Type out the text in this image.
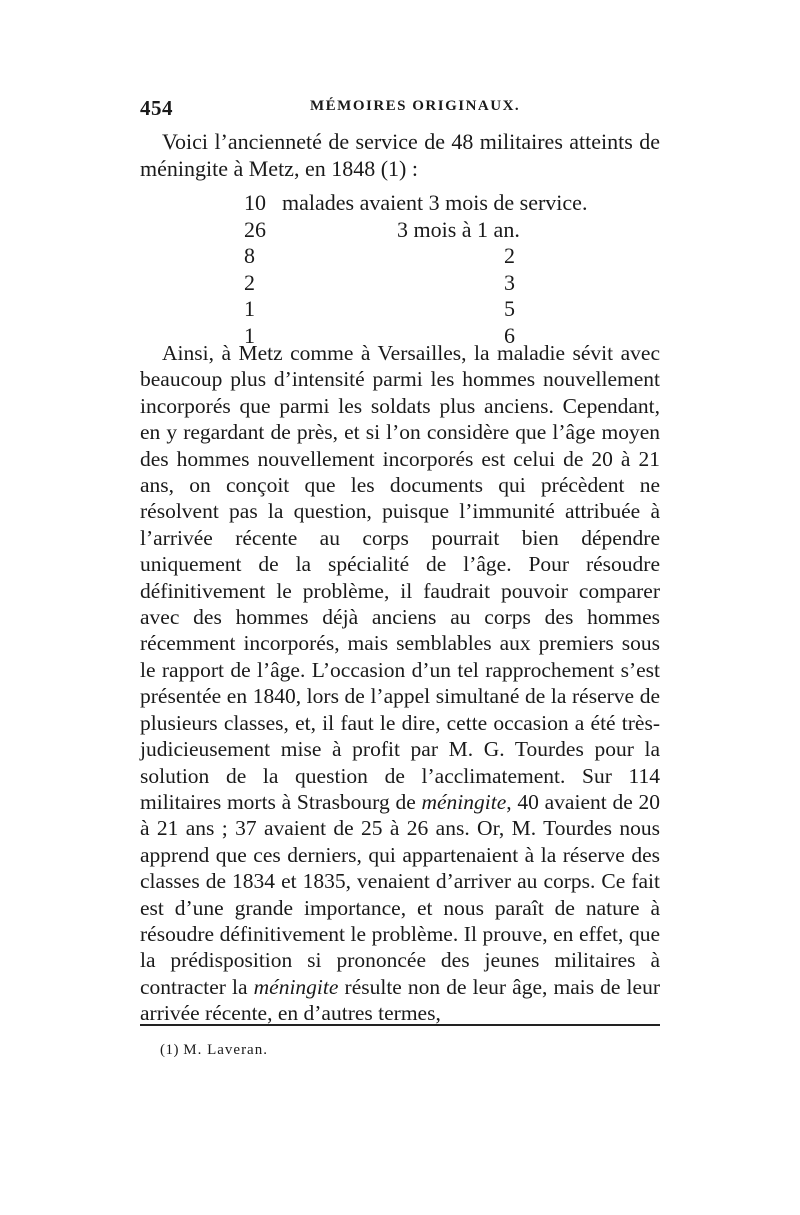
454	MÉMOIRES ORIGINAUX.

Voici l’ancienneté de service de 48 militaires atteints de méningite à Metz, en 1848 (1) :

10 malades avaient 3 mois de service.
26	3 mois à 1 an.
8	2
2	3
1	5
1	6

Ainsi, à Metz comme à Versailles, la maladie sévit avec beaucoup plus d’intensité parmi les hommes nouvellement incorporés que parmi les soldats plus anciens. Cependant, en y regardant de près, et si l’on considère que l’âge moyen des hommes nouvellement incorporés est celui de 20 à 21 ans, on conçoit que les documents qui précèdent ne résolvent pas la question, puisque l’immunité attribuée à l’arrivée récente au corps pourrait bien dépendre uniquement de la spécialité de l’âge. Pour résoudre définitivement le problème, il faudrait pouvoir comparer avec des hommes déjà anciens au corps des hommes récemment incorporés, mais semblables aux premiers sous le rapport de l’âge. L’occasion d’un tel rapprochement s’est présentée en 1840, lors de l’appel simultané de la réserve de plusieurs classes, et, il faut le dire, cette occasion a été très-judicieusement mise à profit par M. G. Tourdes pour la solution de la question de l’acclimatement. Sur 114 militaires morts à Strasbourg de méningite, 40 avaient de 20 à 21 ans ; 37 avaient de 25 à 26 ans. Or, M. Tourdes nous apprend que ces derniers, qui appartenaient à la réserve des classes de 1834 et 1835, venaient d’arriver au corps. Ce fait est d’une grande importance, et nous paraît de nature à résoudre définitivement le problème. Il prouve, en effet, que la prédisposition si prononcée des jeunes militaires à contracter la méningite résulte non de leur âge, mais de leur arrivée récente, en d’autres termes,

(1) M. Laveran.
